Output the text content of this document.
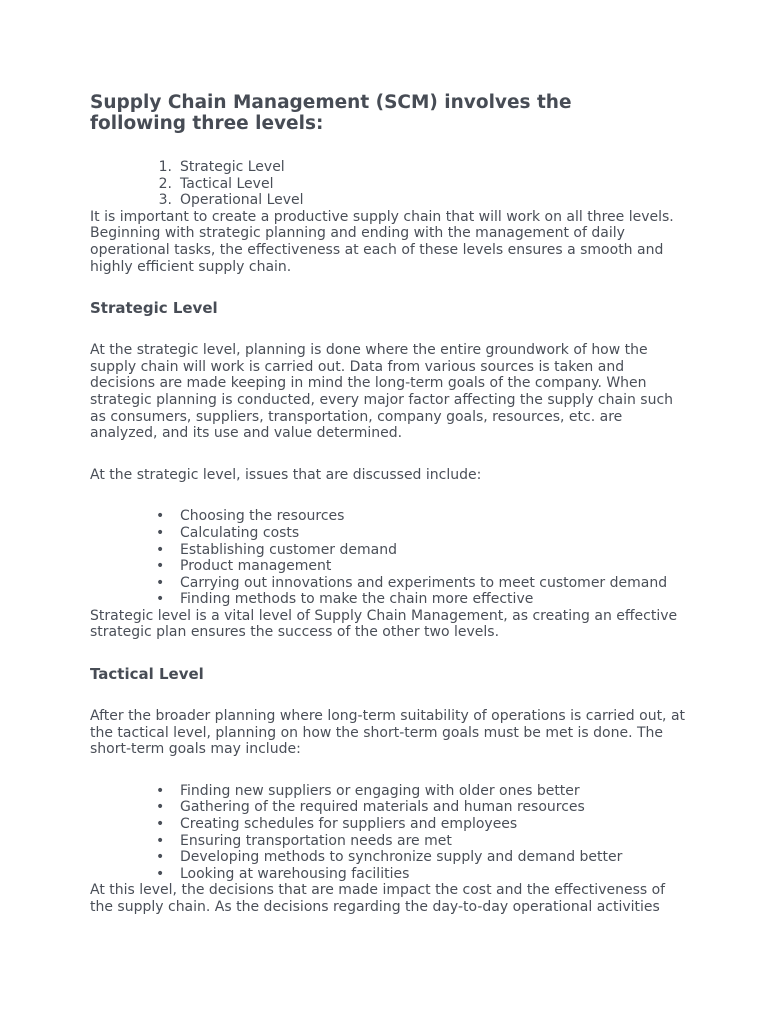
Supply Chain Management (SCM) involves the following three levels:
1. Strategic Level
2. Tactical Level
3. Operational Level

It is important to create a productive supply chain that will work on all three levels. Beginning with strategic planning and ending with the management of daily operational tasks, the effectiveness at each of these levels ensures a smooth and highly efficient supply chain.

Strategic Level

At the strategic level, planning is done where the entire groundwork of how the supply chain will work is carried out. Data from various sources is taken and decisions are made keeping in mind the long-term goals of the company. When strategic planning is conducted, every major factor affecting the supply chain such as consumers, suppliers, transportation, company goals, resources, etc. are analyzed, and its use and value determined.

At the strategic level, issues that are discussed include:

• Choosing the resources
• Calculating costs
• Establishing customer demand
• Product management
• Carrying out innovations and experiments to meet customer demand
• Finding methods to make the chain more effective

Strategic level is a vital level of Supply Chain Management, as creating an effective strategic plan ensures the success of the other two levels.

Tactical Level

After the broader planning where long-term suitability of operations is carried out, at the tactical level, planning on how the short-term goals must be met is done. The short-term goals may include:

• Finding new suppliers or engaging with older ones better
• Gathering of the required materials and human resources
• Creating schedules for suppliers and employees
• Ensuring transportation needs are met
• Developing methods to synchronize supply and demand better
• Looking at warehousing facilities

At this level, the decisions that are made impact the cost and the effectiveness of the supply chain. As the decisions regarding the day-to-day operational activities
